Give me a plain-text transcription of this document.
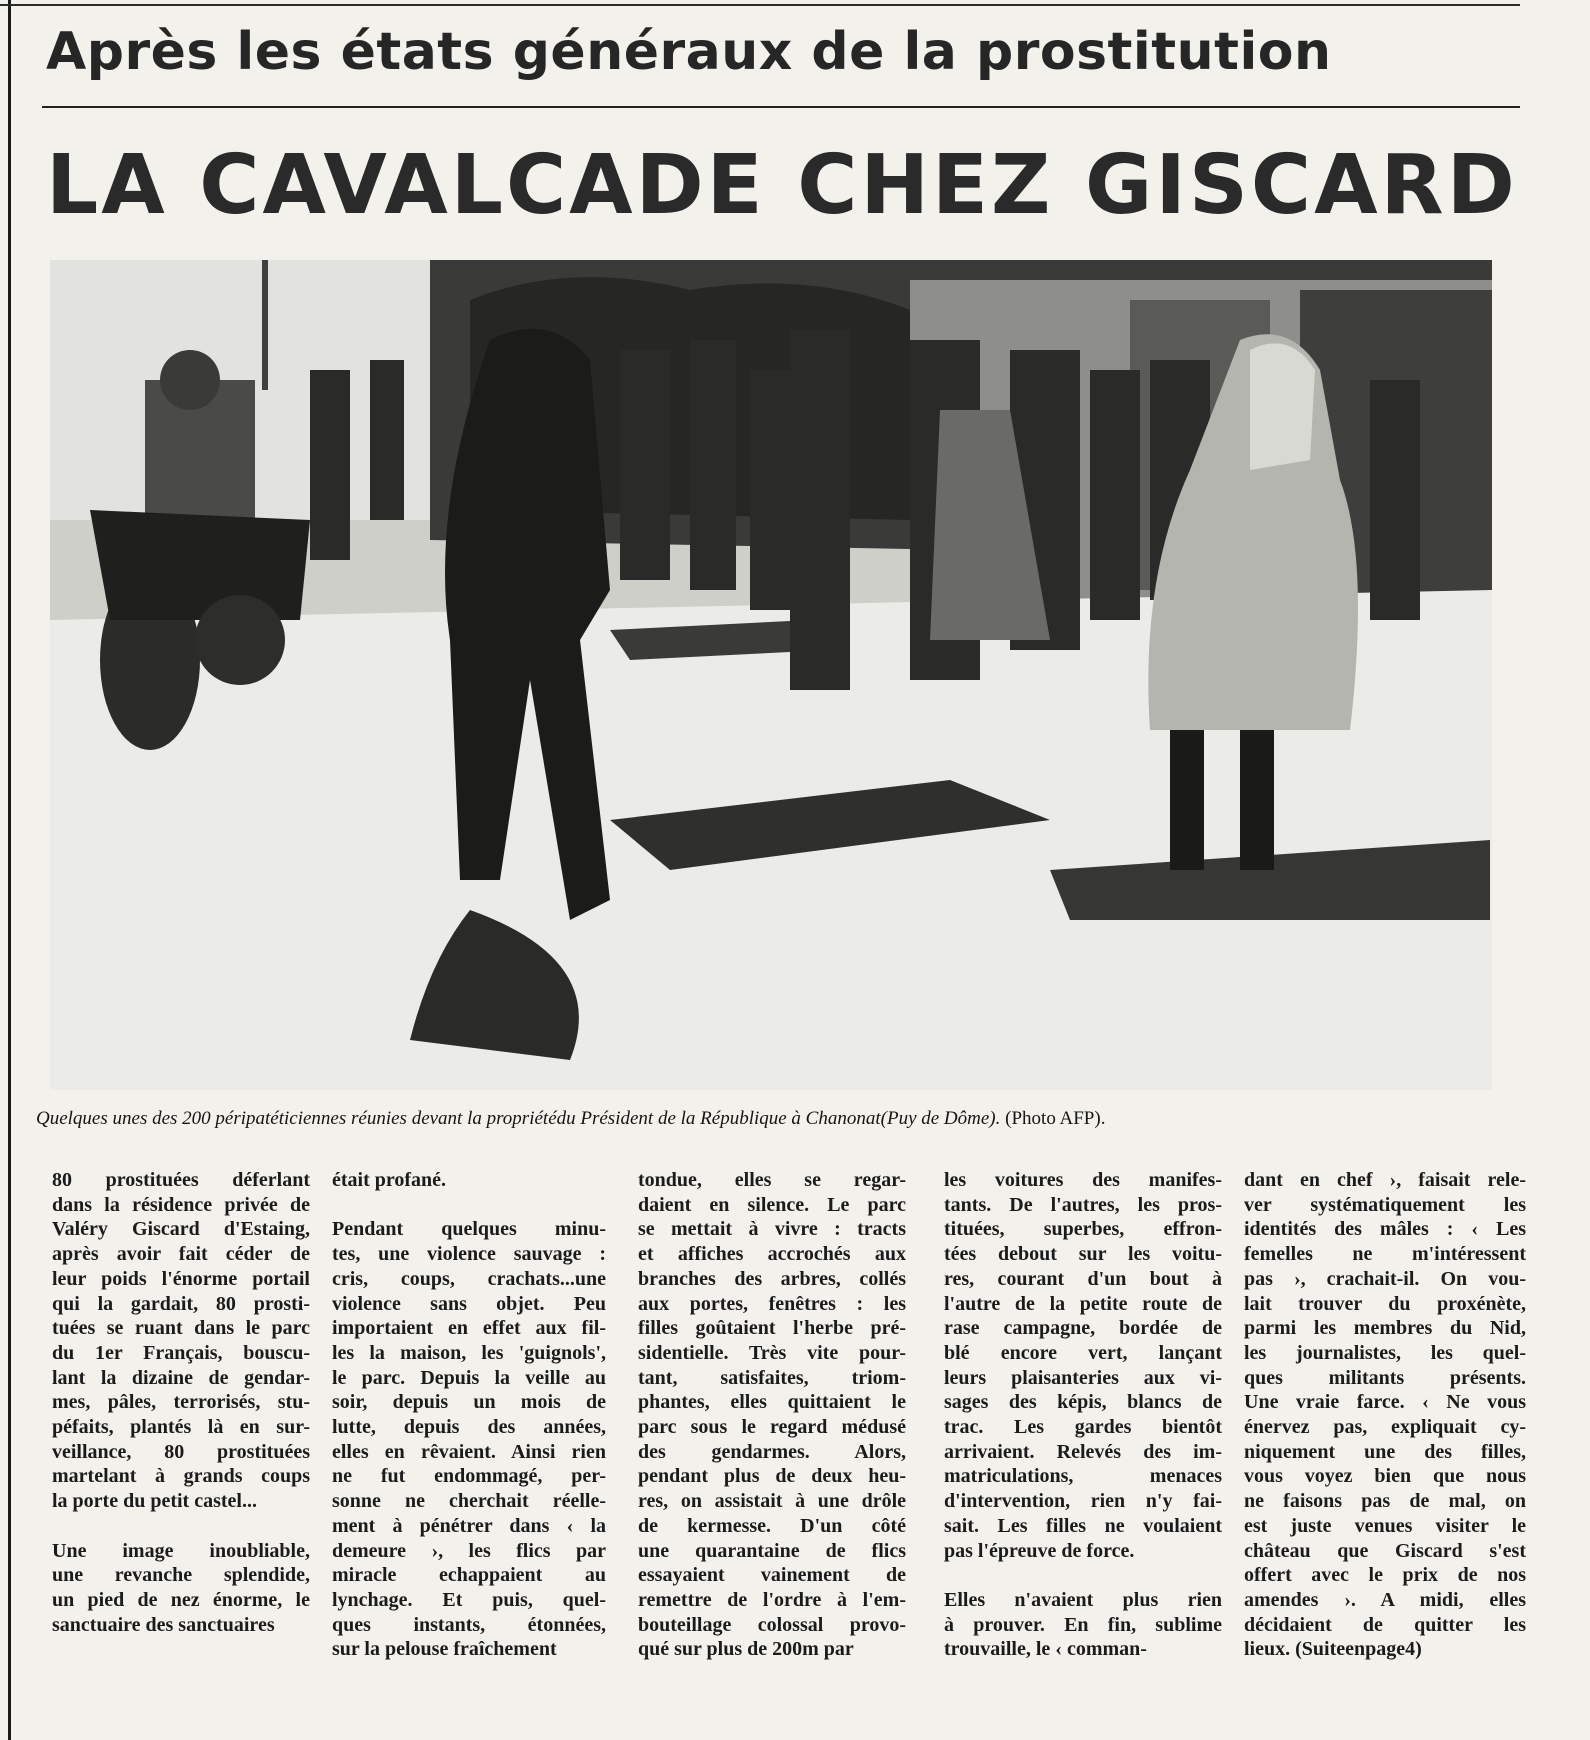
Après les états généraux de la prostitution
LA CAVALCADE CHEZ GISCARD
Quelques unes des 200 péripatéticiennes réunies devant la propriétédu Président de la République à Chanonat(Puy de Dôme). (Photo AFP).
80 prostituées déferlant
dans la résidence privée de
Valéry Giscard d'Estaing,
après avoir fait céder de
leur poids l'énorme portail
qui la gardait, 80 prosti-
tuées se ruant dans le parc
du 1er Français, bouscu-
lant la dizaine de gendar-
mes, pâles, terrorisés, stu-
péfaits, plantés là en sur-
veillance, 80 prostituées
martelant à grands coups
la porte du petit castel...
Une image inoubliable,
une revanche splendide,
un pied de nez énorme, le
sanctuaire des sanctuaires
était profané.
Pendant quelques minu-
tes, une violence sauvage :
cris, coups, crachats...une
violence sans objet. Peu
importaient en effet aux fil-
les la maison, les 'guignols',
le parc. Depuis la veille au
soir, depuis un mois de
lutte, depuis des années,
elles en rêvaient. Ainsi rien
ne fut endommagé, per-
sonne ne cherchait réelle-
ment à pénétrer dans ‹ la
demeure ›, les flics par
miracle echappaient au
lynchage. Et puis, quel-
ques instants, étonnées,
sur la pelouse fraîchement
tondue, elles se regar-
daient en silence. Le parc
se mettait à vivre : tracts
et affiches accrochés aux
branches des arbres, collés
aux portes, fenêtres : les
filles goûtaient l'herbe pré-
sidentielle. Très vite pour-
tant, satisfaites, triom-
phantes, elles quittaient le
parc sous le regard médusé
des gendarmes. Alors,
pendant plus de deux heu-
res, on assistait à une drôle
de kermesse. D'un côté
une quarantaine de flics
essayaient vainement de
remettre de l'ordre à l'em-
bouteillage colossal provo-
qué sur plus de 200m par
les voitures des manifes-
tants. De l'autres, les pros-
tituées, superbes, effron-
tées debout sur les voitu-
res, courant d'un bout à
l'autre de la petite route de
rase campagne, bordée de
blé encore vert, lançant
leurs plaisanteries aux vi-
sages des képis, blancs de
trac. Les gardes bientôt
arrivaient. Relevés des im-
matriculations, menaces
d'intervention, rien n'y fai-
sait. Les filles ne voulaient
pas l'épreuve de force.
Elles n'avaient plus rien
à prouver. En fin, sublime
trouvaille, le ‹ comman-
dant en chef ›, faisait rele-
ver systématiquement les
identités des mâles : ‹ Les
femelles ne m'intéressent
pas ›, crachait-il. On vou-
lait trouver du proxénète,
parmi les membres du Nid,
les journalistes, les quel-
ques militants présents.
Une vraie farce. ‹ Ne vous
énervez pas, expliquait cy-
niquement une des filles,
vous voyez bien que nous
ne faisons pas de mal, on
est juste venues visiter le
château que Giscard s'est
offert avec le prix de nos
amendes ›. A midi, elles
décidaient de quitter les
lieux. (Suiteenpage4)
